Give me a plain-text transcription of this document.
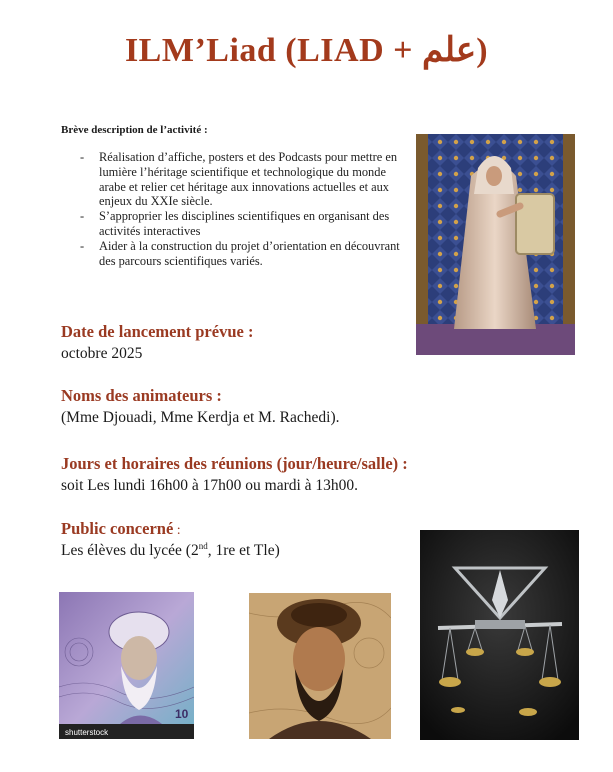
ILM’Liad (LIAD + علم)
Brève description de l’activité :
- Réalisation d’affiche, posters et des Podcasts pour mettre en lumière l’héritage scientifique et technologique du monde arabe et relier cet héritage aux innovations actuelles et aux enjeux du XXIe siècle.
- S’approprier les disciplines scientifiques en organisant des activités interactives
- Aider à la construction du projet d’orientation en découvrant des parcours scientifiques variés.
Date de lancement prévue :
octobre 2025
Noms des animateurs :
(Mme Djouadi, Mme Kerdja et M. Rachedi).
Jours et horaires des réunions (jour/heure/salle) :
soit Les lundi 16h00 à 17h00 ou mardi à 13h00.
Public concerné :
Les élèves du lycée (2nd, 1re et Tle)
shutterstock
10
